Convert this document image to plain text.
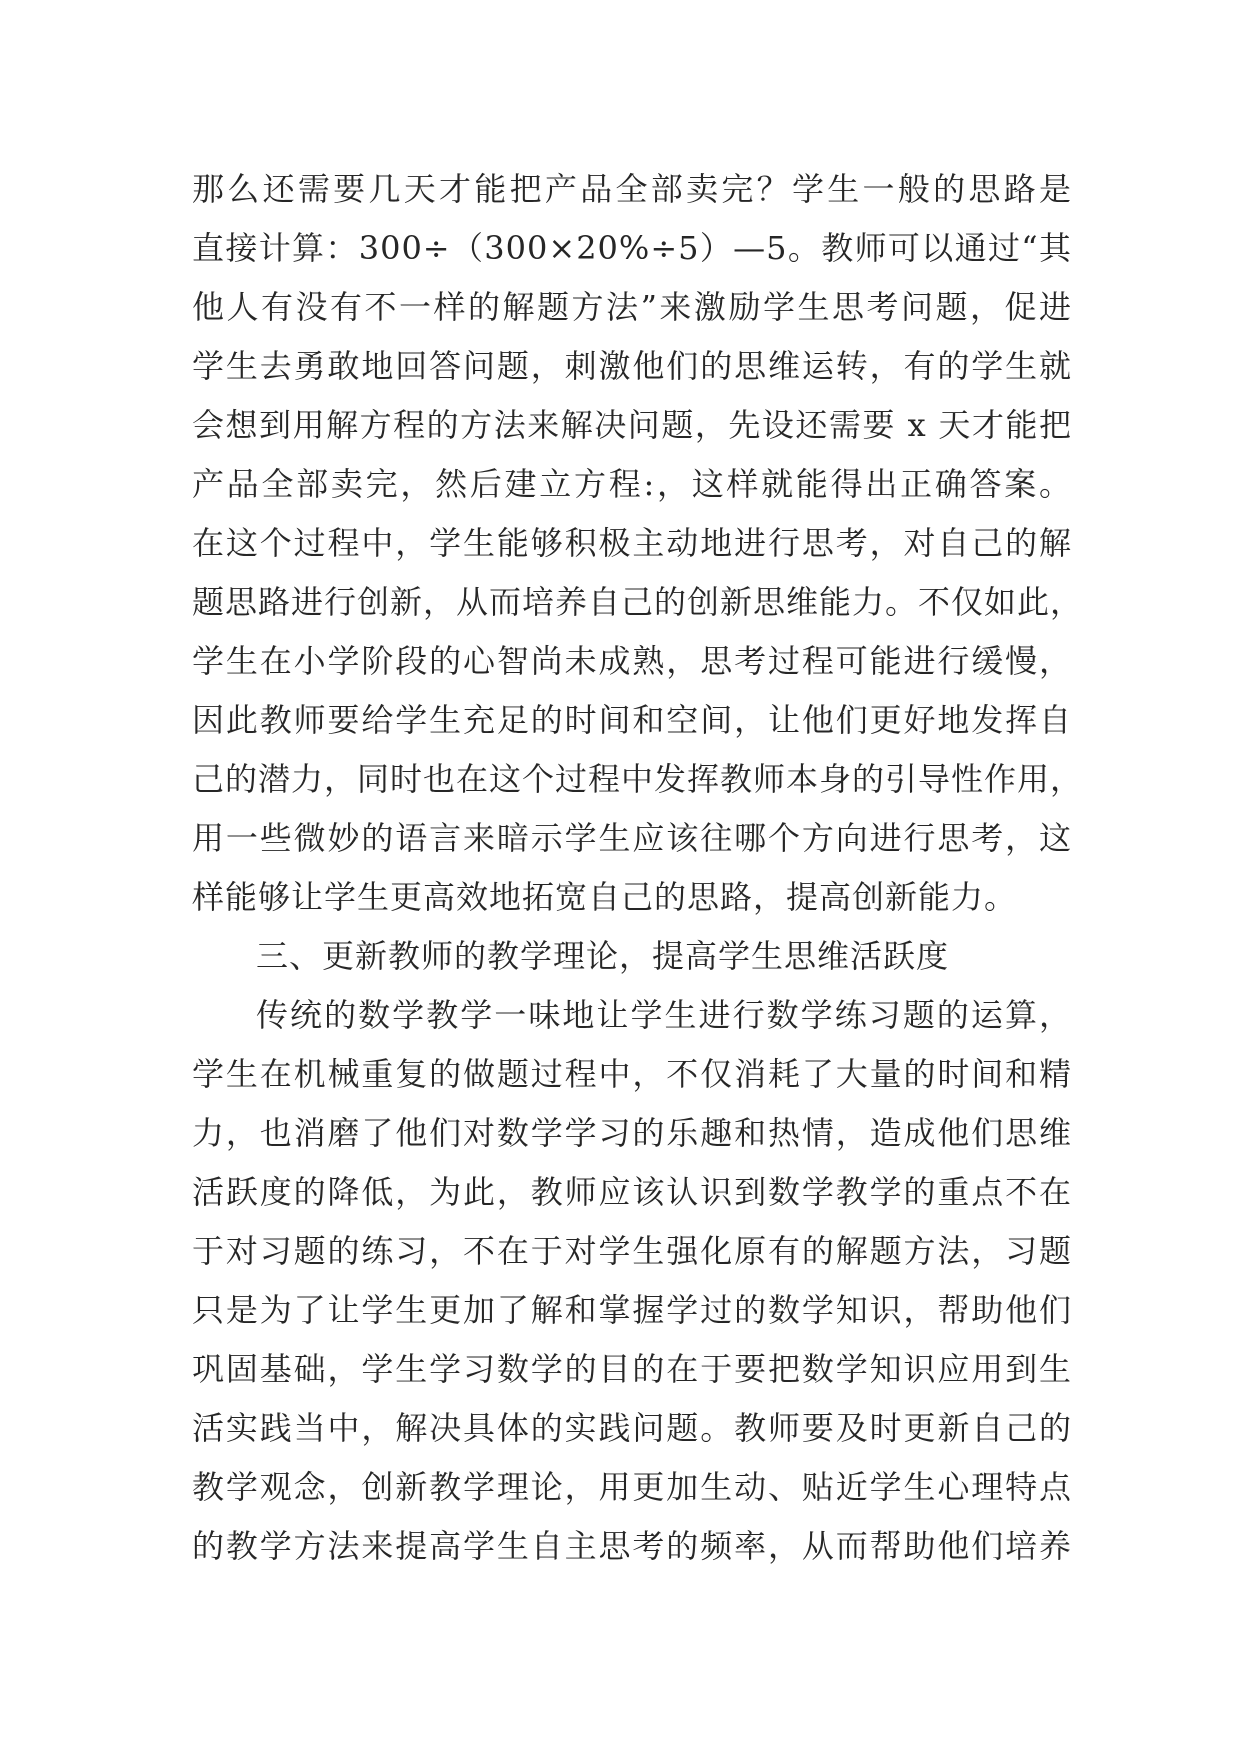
那么还需要几天才能把产品全部卖完？学生一般的思路是
直接计算：300÷（300×20%÷5）—5。教师可以通过“其
他人有没有不一样的解题方法”来激励学生思考问题，促进
学生去勇敢地回答问题，刺激他们的思维运转，有的学生就
会想到用解方程的方法来解决问题，先设还需要 x 天才能把
产品全部卖完，然后建立方程:，这样就能得出正确答案。
在这个过程中，学生能够积极主动地进行思考，对自己的解
题思路进行创新，从而培养自己的创新思维能力。不仅如此，
学生在小学阶段的心智尚未成熟，思考过程可能进行缓慢，
因此教师要给学生充足的时间和空间，让他们更好地发挥自
己的潜力，同时也在这个过程中发挥教师本身的引导性作用，
用一些微妙的语言来暗示学生应该往哪个方向进行思考，这
样能够让学生更高效地拓宽自己的思路，提高创新能力。
三、更新教师的教学理论，提高学生思维活跃度
传统的数学教学一味地让学生进行数学练习题的运算，
学生在机械重复的做题过程中，不仅消耗了大量的时间和精
力，也消磨了他们对数学学习的乐趣和热情，造成他们思维
活跃度的降低，为此，教师应该认识到数学教学的重点不在
于对习题的练习，不在于对学生强化原有的解题方法，习题
只是为了让学生更加了解和掌握学过的数学知识，帮助他们
巩固基础，学生学习数学的目的在于要把数学知识应用到生
活实践当中，解决具体的实践问题。教师要及时更新自己的
教学观念，创新教学理论，用更加生动、贴近学生心理特点
的教学方法来提高学生自主思考的频率，从而帮助他们培养
